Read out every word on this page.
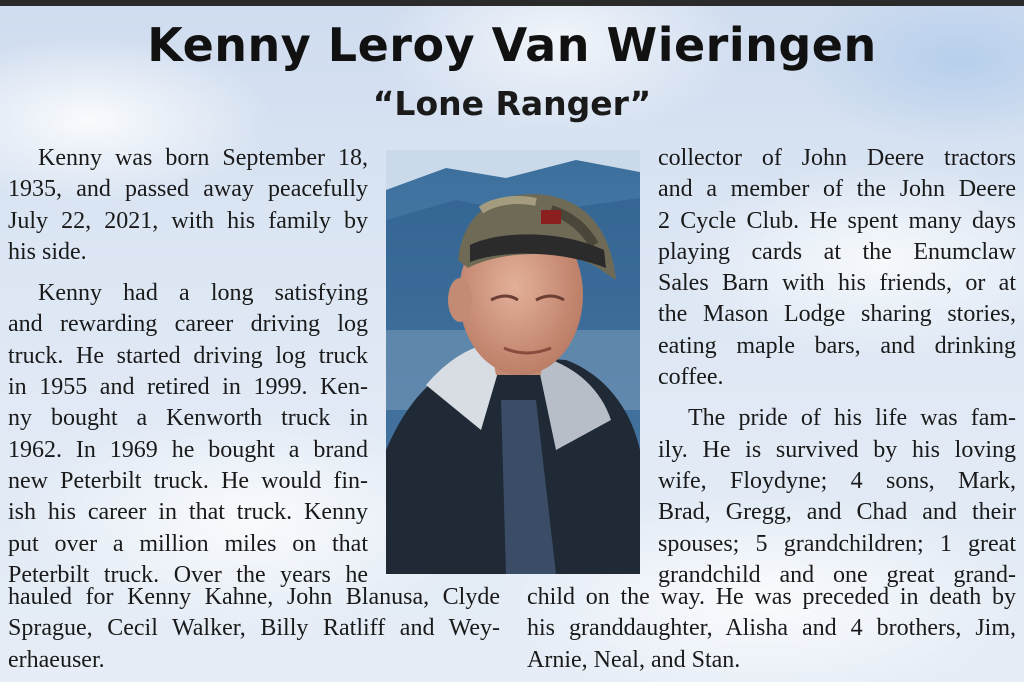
Kenny Leroy Van Wieringen
“Lone Ranger”

Kenny was born September 18,
1935, and passed away peacefully
July 22, 2021, with his family by
his side.

Kenny had a long satisfying
and rewarding career driving log
truck. He started driving log truck
in 1955 and retired in 1999. Ken-
ny bought a Kenworth truck in
1962. In 1969 he bought a brand
new Peterbilt truck. He would fin-
ish his career in that truck. Kenny
put over a million miles on that
Peterbilt truck. Over the years he

collector of John Deere tractors
and a member of the John Deere
2 Cycle Club. He spent many days
playing cards at the Enumclaw
Sales Barn with his friends, or at
the Mason Lodge sharing stories,
eating maple bars, and drinking
coffee.

The pride of his life was fam-
ily. He is survived by his loving
wife, Floydyne; 4 sons, Mark,
Brad, Gregg, and Chad and their
spouses; 5 grandchildren; 1 great
grandchild and one great grand-

hauled for Kenny Kahne, John Blanusa, Clyde
Sprague, Cecil Walker, Billy Ratliff and Wey-
erhaeuser.
child on the way. He was preceded in death by
his granddaughter, Alisha and 4 brothers, Jim,
Arnie, Neal, and Stan.
